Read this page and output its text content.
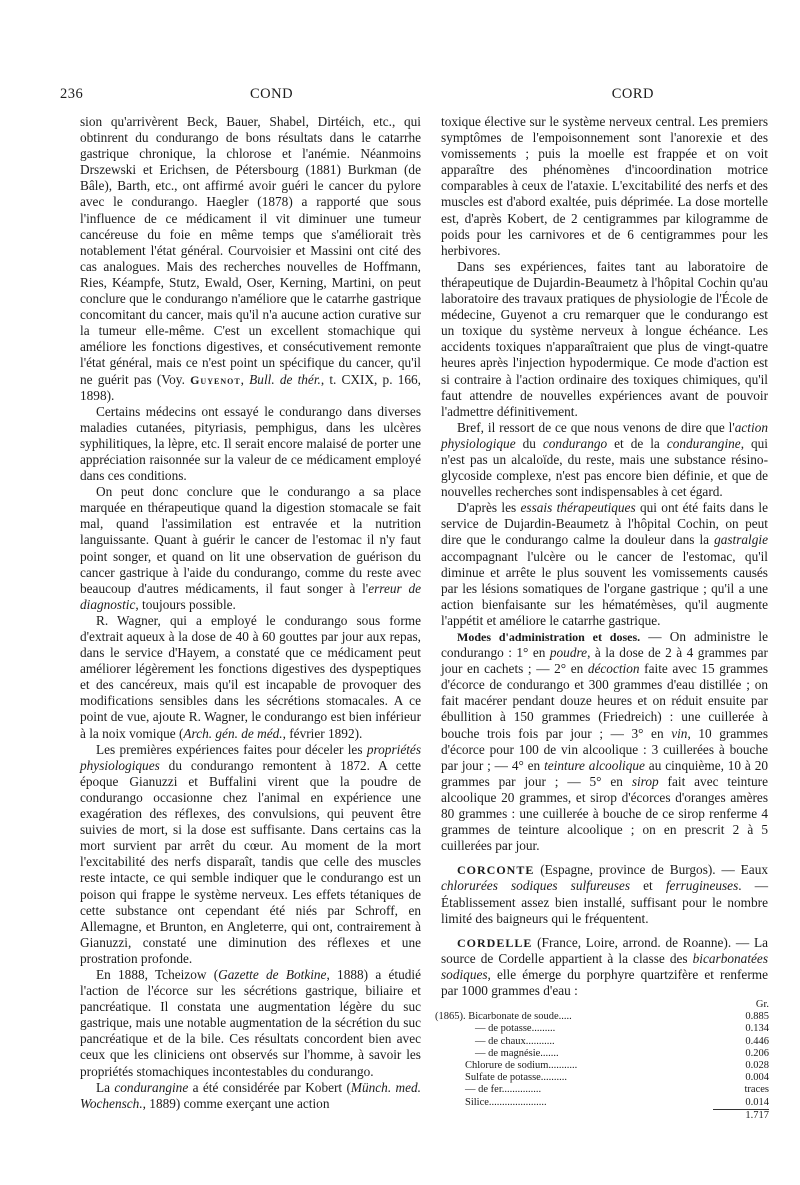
236	COND	CORD

sion qu'arrivèrent Beck, Bauer, Shabel, Dirtéich, etc., qui obtinrent du condurango de bons résultats dans le catarrhe gastrique chronique, la chlorose et l'anémie. Néanmoins Drszewski et Erichsen, de Pétersbourg (1881) Burkman (de Bâle), Barth, etc., ont affirmé avoir guéri le cancer du pylore avec le condurango. Haegler (1878) a rapporté que sous l'influence de ce médicament il vit diminuer une tumeur cancéreuse du foie en même temps que s'améliorait très notablement l'état général. Courvoisier et Massini ont cité des cas analogues. Mais des recherches nouvelles de Hoffmann, Ries, Kéampfe, Stutz, Ewald, Oser, Kerning, Martini, on peut conclure que le condurango n'améliore que le catarrhe gastrique concomitant du cancer, mais qu'il n'a aucune action curative sur la tumeur elle-même. C'est un excellent stomachique qui améliore les fonctions digestives, et consécutivement remonte l'état général, mais ce n'est point un spécifique du cancer, qu'il ne guérit pas (Voy. Guyenot, Bull. de thér., t. CXIX, p. 166, 1898).

Certains médecins ont essayé le condurango dans diverses maladies cutanées, pityriasis, pemphigus, dans les ulcères syphilitiques, la lèpre, etc. Il serait encore malaisé de porter une appréciation raisonnée sur la valeur de ce médicament employé dans ces conditions.

On peut donc conclure que le condurango a sa place marquée en thérapeutique quand la digestion stomacale se fait mal, quand l'assimilation est entravée et la nutrition languissante. Quant à guérir le cancer de l'estomac il n'y faut point songer, et quand on lit une observation de guérison du cancer gastrique à l'aide du condurango, comme du reste avec beaucoup d'autres médicaments, il faut songer à l'erreur de diagnostic, toujours possible.

R. Wagner, qui a employé le condurango sous forme d'extrait aqueux à la dose de 40 à 60 gouttes par jour aux repas, dans le service d'Hayem, a constaté que ce médicament peut améliorer légèrement les fonctions digestives des dyspeptiques et des cancéreux, mais qu'il est incapable de provoquer des modifications sensibles dans les sécrétions stomacales. A ce point de vue, ajoute R. Wagner, le condurango est bien inférieur à la noix vomique (Arch. gén. de méd., février 1892).

Les premières expériences faites pour déceler les propriétés physiologiques du condurango remontent à 1872. A cette époque Gianuzzi et Buffalini virent que la poudre de condurango occasionne chez l'animal en expérience une exagération des réflexes, des convulsions, qui peuvent être suivies de mort, si la dose est suffisante. Dans certains cas la mort survient par arrêt du cœur. Au moment de la mort l'excitabilité des nerfs disparaît, tandis que celle des muscles reste intacte, ce qui semble indiquer que le condurango est un poison qui frappe le système nerveux. Les effets tétaniques de cette substance ont cependant été niés par Schroff, en Allemagne, et Brunton, en Angleterre, qui ont, contrairement à Gianuzzi, constaté une diminution des réflexes et une prostration profonde.

En 1888, Tcheizow (Gazette de Botkine, 1888) a étudié l'action de l'écorce sur les sécrétions gastrique, biliaire et pancréatique. Il constata une augmentation légère du suc gastrique, mais une notable augmentation de la sécrétion du suc pancréatique et de la bile. Ces résultats concordent bien avec ceux que les cliniciens ont observés sur l'homme, à savoir les propriétés stomachiques incontestables du condurango.

La condurangine a été considérée par Kobert (Münch. med. Wochensch., 1889) comme exerçant une action

toxique élective sur le système nerveux central. Les premiers symptômes de l'empoisonnement sont l'anorexie et des vomissements ; puis la moelle est frappée et on voit apparaître des phénomènes d'incoordination motrice comparables à ceux de l'ataxie. L'excitabilité des nerfs et des muscles est d'abord exaltée, puis déprimée. La dose mortelle est, d'après Kobert, de 2 centigrammes par kilogramme de poids pour les carnivores et de 6 centigrammes pour les herbivores.

Dans ses expériences, faites tant au laboratoire de thérapeutique de Dujardin-Beaumetz à l'hôpital Cochin qu'au laboratoire des travaux pratiques de physiologie de l'École de médecine, Guyenot a cru remarquer que le condurango est un toxique du système nerveux à longue échéance. Les accidents toxiques n'apparaîtraient que plus de vingt-quatre heures après l'injection hypodermique. Ce mode d'action est si contraire à l'action ordinaire des toxiques chimiques, qu'il faut attendre de nouvelles expériences avant de pouvoir l'admettre définitivement.

Bref, il ressort de ce que nous venons de dire que l'action physiologique du condurango et de la condurangine, qui n'est pas un alcaloïde, du reste, mais une substance résino-glycoside complexe, n'est pas encore bien définie, et que de nouvelles recherches sont indispensables à cet égard.

D'après les essais thérapeutiques qui ont été faits dans le service de Dujardin-Beaumetz à l'hôpital Cochin, on peut dire que le condurango calme la douleur dans la gastralgie accompagnant l'ulcère ou le cancer de l'estomac, qu'il diminue et arrête le plus souvent les vomissements causés par les lésions somatiques de l'organe gastrique ; qu'il a une action bienfaisante sur les hématémèses, qu'il augmente l'appétit et améliore le catarrhe gastrique.

Modes d'administration et doses. — On administre le condurango : 1° en poudre, à la dose de 2 à 4 grammes par jour en cachets ; — 2° en décoction faite avec 15 grammes d'écorce de condurango et 300 grammes d'eau distillée ; on fait macérer pendant douze heures et on réduit ensuite par ébullition à 150 grammes (Friedreich) : une cuillerée à bouche trois fois par jour ; — 3° en vin, 10 grammes d'écorce pour 100 de vin alcoolique : 3 cuillerées à bouche par jour ; — 4° en teinture alcoolique au cinquième, 10 à 20 grammes par jour ; — 5° en sirop fait avec teinture alcoolique 20 grammes, et sirop d'écorces d'oranges amères 80 grammes : une cuillerée à bouche de ce sirop renferme 4 grammes de teinture alcoolique ; on en prescrit 2 à 5 cuillerées par jour.

CORCONTE (Espagne, province de Burgos). — Eaux chlorurées sodiques sulfureuses et ferrugineuses. — Établissement assez bien installé, suffisant pour le nombre limité des baigneurs qui le fréquentent.

CORDELLE (France, Loire, arrond. de Roanne). — La source de Cordelle appartient à la classe des bicarbonatées sodiques, elle émerge du porphyre quartzifère et renferme par 1000 grammes d'eau :

	Gr.
(1865). Bicarbonate de soude.....	0.885
— de potasse.........	0.134
— de chaux...........	0.446
— de magnésie.......	0.206
Chlorure de sodium...........	0.028
Sulfate de potasse..........	0.004
— de fer...............	traces
Silice......................	0.014
	1.717
